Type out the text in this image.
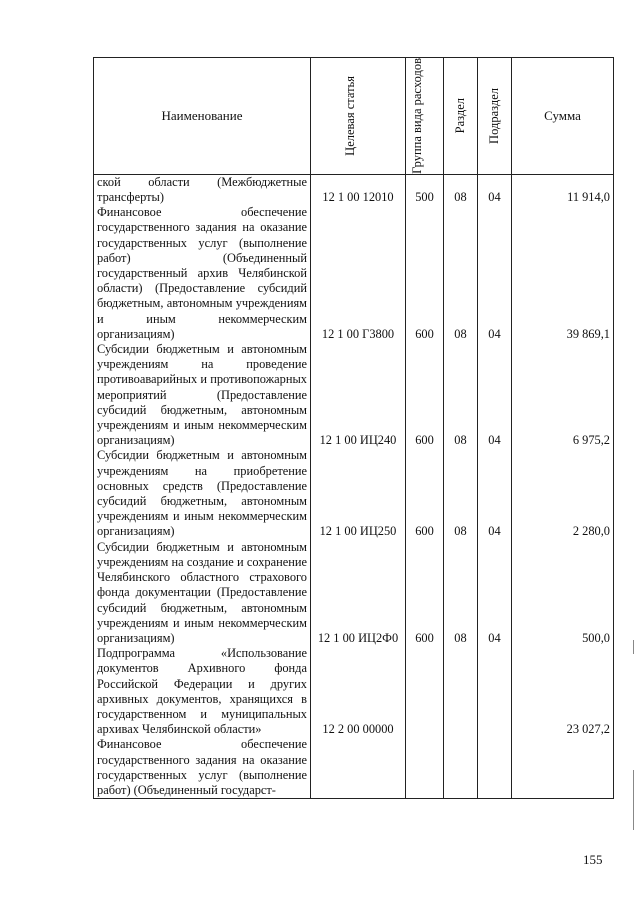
Наименование	Целевая статья	Группа вида расходов	Раздел	Подраздел	Сумма
ской области (Межбюджетные трансферты)	12 1 00 12010	500	08	04	11 914,0
Финансовое обеспечение государственного задания на оказание государственных услуг (выполнение работ) (Объединенный государственный архив Челябинской области) (Предоставление субсидий бюджетным, автономным учреждениям и иным некоммерческим организациям)	12 1 00 Г3800	600	08	04	39 869,1
Субсидии бюджетным и автономным учреждениям на проведение противоаварийных и противопожарных мероприятий (Предоставление субсидий бюджетным, автономным учреждениям и иным некоммерческим организациям)	12 1 00 ИЦ240	600	08	04	6 975,2
Субсидии бюджетным и автономным учреждениям на приобретение основных средств (Предоставление субсидий бюджетным, автономным учреждениям и иным некоммерческим организациям)	12 1 00 ИЦ250	600	08	04	2 280,0
Субсидии бюджетным и автономным учреждениям на создание и сохранение Челябинского областного страхового фонда документации (Предоставление субсидий бюджетным, автономным учреждениям и иным некоммерческим организациям)	12 1 00 ИЦ2Ф0	600	08	04	500,0
Подпрограмма «Использование документов Архивного фонда Российской Федерации и других архивных документов, хранящихся в государственном и муниципальных архивах Челябинской области»	12 2 00 00000				23 027,2
Финансовое обеспечение государственного задания на оказание государственных услуг (выполнение работ) (Объединенный государст-					
155
